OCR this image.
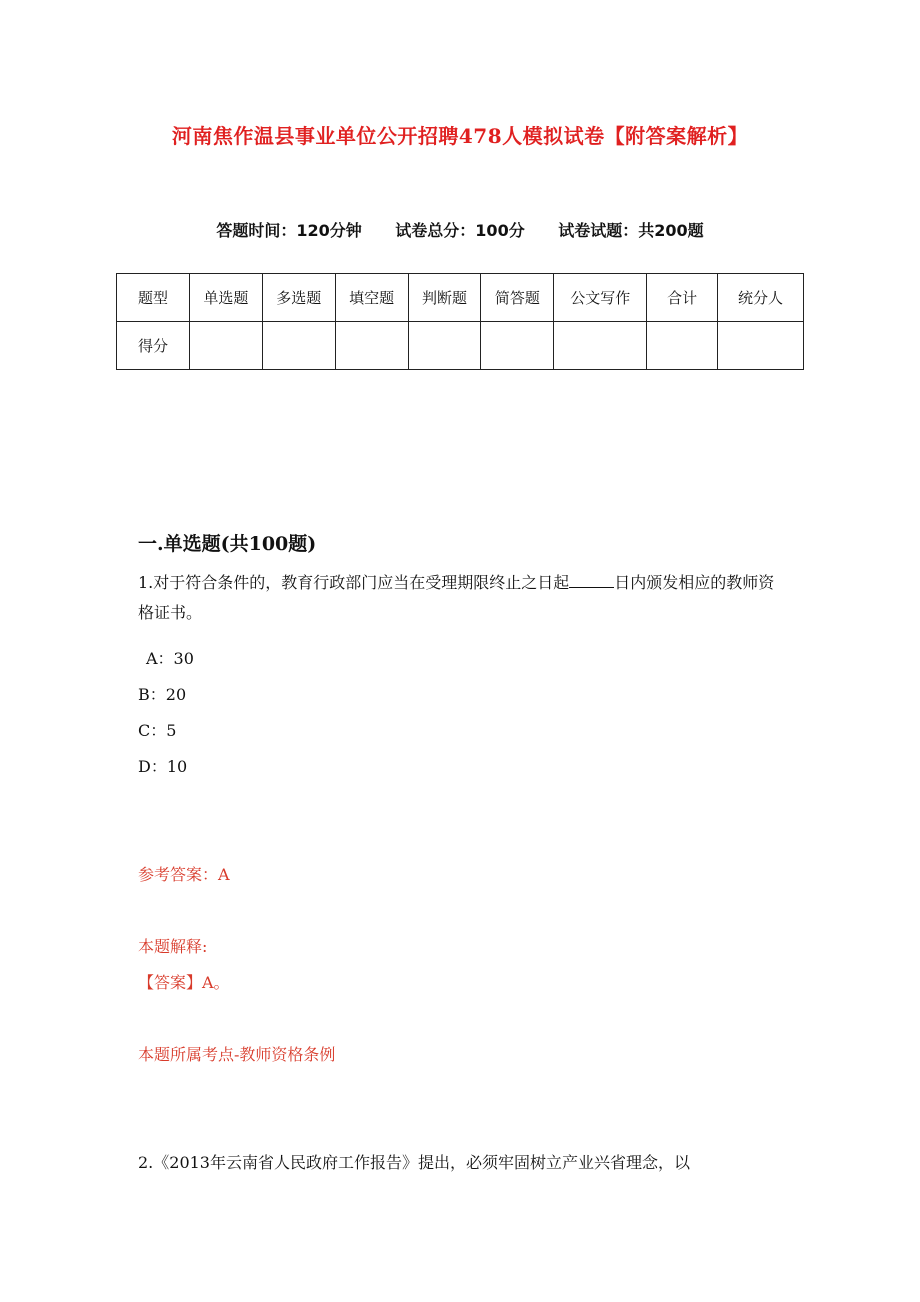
河南焦作温县事业单位公开招聘478人模拟试卷【附答案解析】
答题时间：120分钟 试卷总分：100分 试卷试题：共200题
题型	单选题	多选题	填空题	判断题	简答题	公文写作	合计	统分人
得分								
一.单选题(共100题)
1.对于符合条件的，教育行政部门应当在受理期限终止之日起	日内颁发相应的教师资格证书。
A：30
B：20
C：5
D：10
参考答案：A
本题解释:
【答案】A。
本题所属考点-教师资格条例
2.《2013年云南省人民政府工作报告》提出，必须牢固树立产业兴省理念，以
